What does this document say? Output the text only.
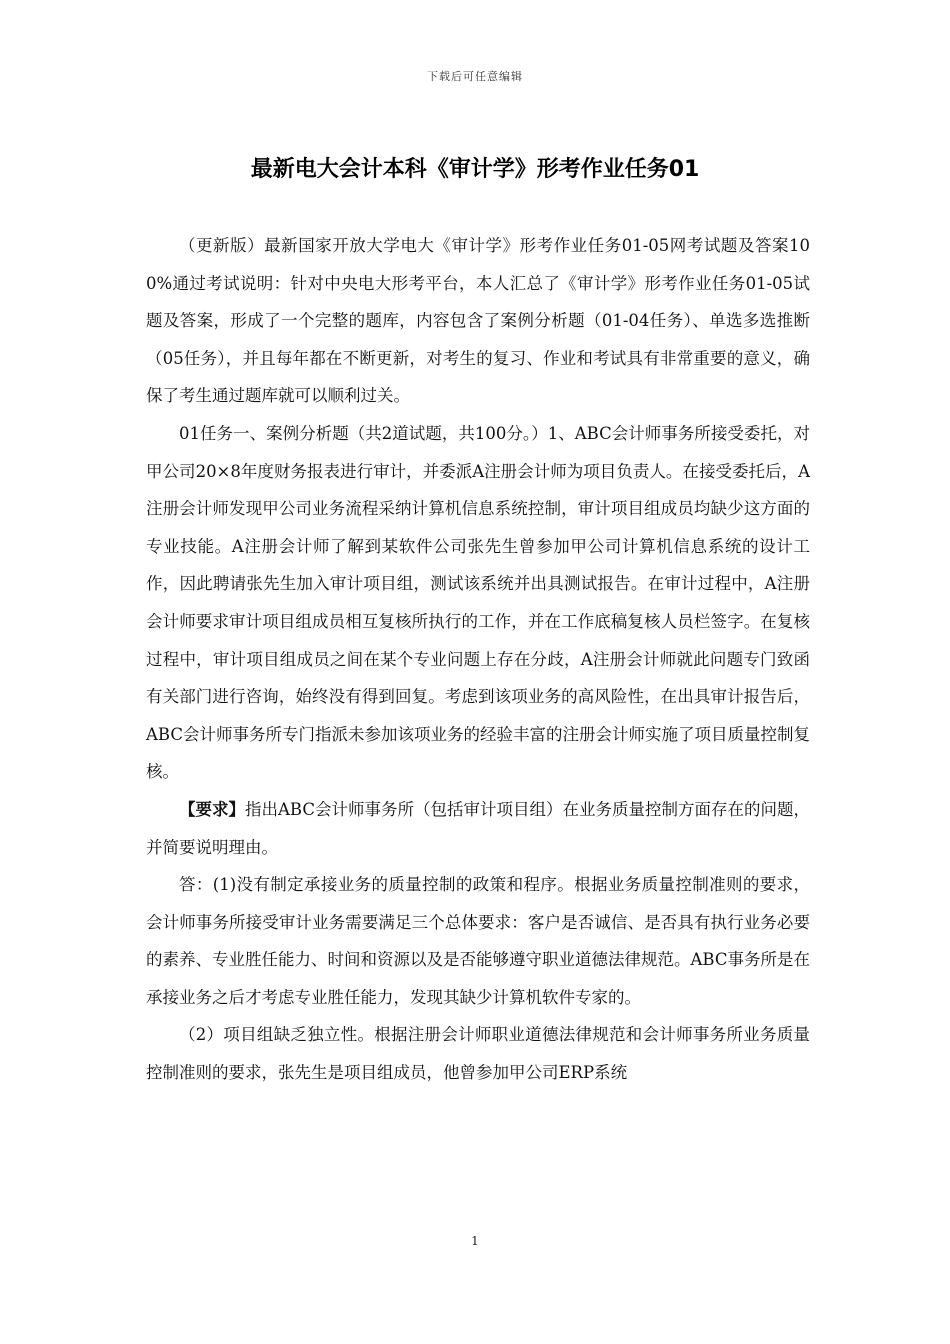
下载后可任意编辑
最新电大会计本科《审计学》形考作业任务01

（更新版）最新国家开放大学电大《审计学》形考作业任务01-05网考试题及答案100%通过考试说明：针对中央电大形考平台，本人汇总了《审计学》形考作业任务01-05试题及答案，形成了一个完整的题库，内容包含了案例分析题（01-04任务）、单选多选推断（05任务），并且每年都在不断更新，对考生的复习、作业和考试具有非常重要的意义，确保了考生通过题库就可以顺利过关。

01任务一、案例分析题（共2道试题，共100分。）1、ABC会计师事务所接受委托，对甲公司20×8年度财务报表进行审计，并委派A注册会计师为项目负责人。在接受委托后，A注册会计师发现甲公司业务流程采纳计算机信息系统控制，审计项目组成员均缺少这方面的专业技能。A注册会计师了解到某软件公司张先生曾参加甲公司计算机信息系统的设计工作，因此聘请张先生加入审计项目组，测试该系统并出具测试报告。在审计过程中，A注册会计师要求审计项目组成员相互复核所执行的工作，并在工作底稿复核人员栏签字。在复核过程中，审计项目组成员之间在某个专业问题上存在分歧，A注册会计师就此问题专门致函有关部门进行咨询，始终没有得到回复。考虑到该项业务的高风险性，在出具审计报告后，ABC会计师事务所专门指派未参加该项业务的经验丰富的注册会计师实施了项目质量控制复核。

【要求】指出ABC会计师事务所（包括审计项目组）在业务质量控制方面存在的问题，并简要说明理由。

答：(1)没有制定承接业务的质量控制的政策和程序。根据业务质量控制准则的要求，会计师事务所接受审计业务需要满足三个总体要求：客户是否诚信、是否具有执行业务必要的素养、专业胜任能力、时间和资源以及是否能够遵守职业道德法律规范。ABC事务所是在承接业务之后才考虑专业胜任能力，发现其缺少计算机软件专家的。

（2）项目组缺乏独立性。根据注册会计师职业道德法律规范和会计师事务所业务质量控制准则的要求，张先生是项目组成员，他曾参加甲公司ERP系统

1
